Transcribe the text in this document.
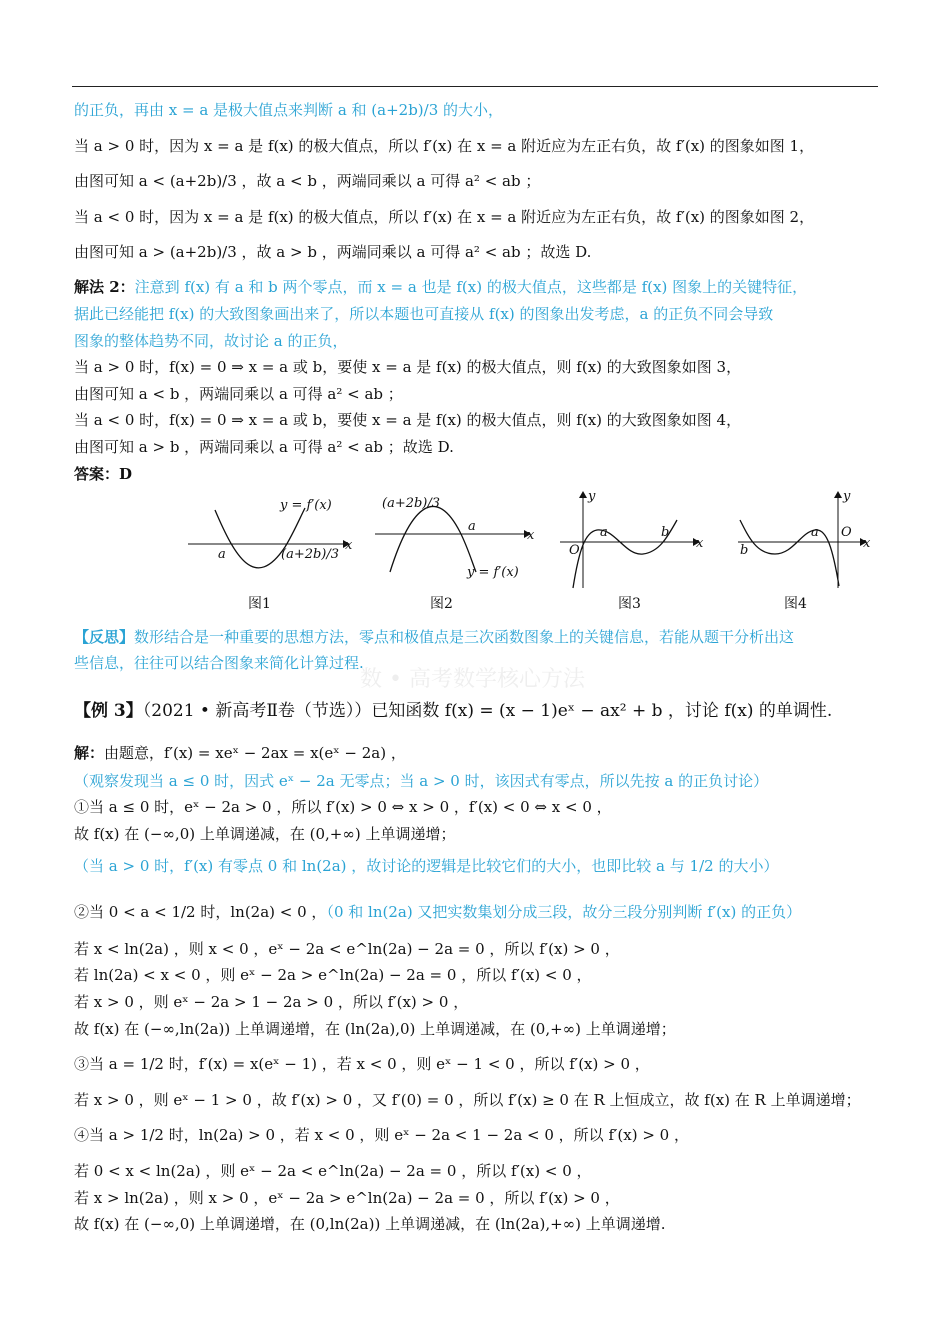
的正负，再由 x = a 是极大值点来判断 a 和 (a+2b)/3 的大小，
当 a > 0 时，因为 x = a 是 f(x) 的极大值点，所以 f′(x) 在 x = a 附近应为左正右负，故 f′(x) 的图象如图 1，
由图可知 a < (a+2b)/3 ，故 a < b ，两端同乘以 a 可得 a² < ab ；
当 a < 0 时，因为 x = a 是 f(x) 的极大值点，所以 f′(x) 在 x = a 附近应为左正右负，故 f′(x) 的图象如图 2，
由图可知 a > (a+2b)/3 ，故 a > b ，两端同乘以 a 可得 a² < ab ；故选 D.
解法 2：注意到 f(x) 有 a 和 b 两个零点，而 x = a 也是 f(x) 的极大值点，这些都是 f(x) 图象上的关键特征，
据此已经能把 f(x) 的大致图象画出来了，所以本题也可直接从 f(x) 的图象出发考虑，a 的正负不同会导致
图象的整体趋势不同，故讨论 a 的正负，
当 a > 0 时，f(x) = 0 ⇒ x = a 或 b，要使 x = a 是 f(x) 的极大值点，则 f(x) 的大致图象如图 3，
由图可知 a < b ，两端同乘以 a 可得 a² < ab ；
当 a < 0 时，f(x) = 0 ⇒ x = a 或 b，要使 x = a 是 f(x) 的极大值点，则 f(x) 的大致图象如图 4，
由图可知 a > b ，两端同乘以 a 可得 a² < ab ；故选 D.
答案：D
y = f′(x)
x
a	(a+2b)/3
(a+2b)/3
a
x
y = f′(x)
y
a	b
x
O
y
a O
x
b
图1	图2	图3	图4
【反思】数形结合是一种重要的思想方法，零点和极值点是三次函数图象上的关键信息，若能从题干分析出这
些信息，往往可以结合图象来简化计算过程.
数 • 高考数学核心方法
【例 3】（2021 • 新高考Ⅱ卷（节选））已知函数 f(x) = (x − 1)eˣ − ax² + b ，讨论 f(x) 的单调性.
解：由题意，f′(x) = xeˣ − 2ax = x(eˣ − 2a) ，
（观察发现当 a ≤ 0 时，因式 eˣ − 2a 无零点；当 a > 0 时，该因式有零点，所以先按 a 的正负讨论）
①当 a ≤ 0 时，eˣ − 2a > 0 ，所以 f′(x) > 0 ⇔ x > 0 ，f′(x) < 0 ⇔ x < 0 ，
故 f(x) 在 (−∞,0) 上单调递减，在 (0,+∞) 上单调递增；
（当 a > 0 时，f′(x) 有零点 0 和 ln(2a) ，故讨论的逻辑是比较它们的大小，也即比较 a 与 1/2 的大小）
②当 0 < a < 1/2 时，ln(2a) < 0 ，（0 和 ln(2a) 又把实数集划分成三段，故分三段分别判断 f′(x) 的正负）
若 x < ln(2a) ，则 x < 0 ，eˣ − 2a < e^ln(2a) − 2a = 0 ，所以 f′(x) > 0 ，
若 ln(2a) < x < 0 ，则 eˣ − 2a > e^ln(2a) − 2a = 0 ，所以 f′(x) < 0 ，
若 x > 0 ，则 eˣ − 2a > 1 − 2a > 0 ，所以 f′(x) > 0 ，
故 f(x) 在 (−∞,ln(2a)) 上单调递增，在 (ln(2a),0) 上单调递减，在 (0,+∞) 上单调递增；
③当 a = 1/2 时，f′(x) = x(eˣ − 1) ，若 x < 0 ，则 eˣ − 1 < 0 ，所以 f′(x) > 0 ，
若 x > 0 ，则 eˣ − 1 > 0 ，故 f′(x) > 0 ，又 f′(0) = 0 ，所以 f′(x) ≥ 0 在 R 上恒成立，故 f(x) 在 R 上单调递增；
④当 a > 1/2 时，ln(2a) > 0 ，若 x < 0 ，则 eˣ − 2a < 1 − 2a < 0 ，所以 f′(x) > 0 ，
若 0 < x < ln(2a) ，则 eˣ − 2a < e^ln(2a) − 2a = 0 ，所以 f′(x) < 0 ，
若 x > ln(2a) ，则 x > 0 ，eˣ − 2a > e^ln(2a) − 2a = 0 ，所以 f′(x) > 0 ，
故 f(x) 在 (−∞,0) 上单调递增，在 (0,ln(2a)) 上单调递减，在 (ln(2a),+∞) 上单调递增.
